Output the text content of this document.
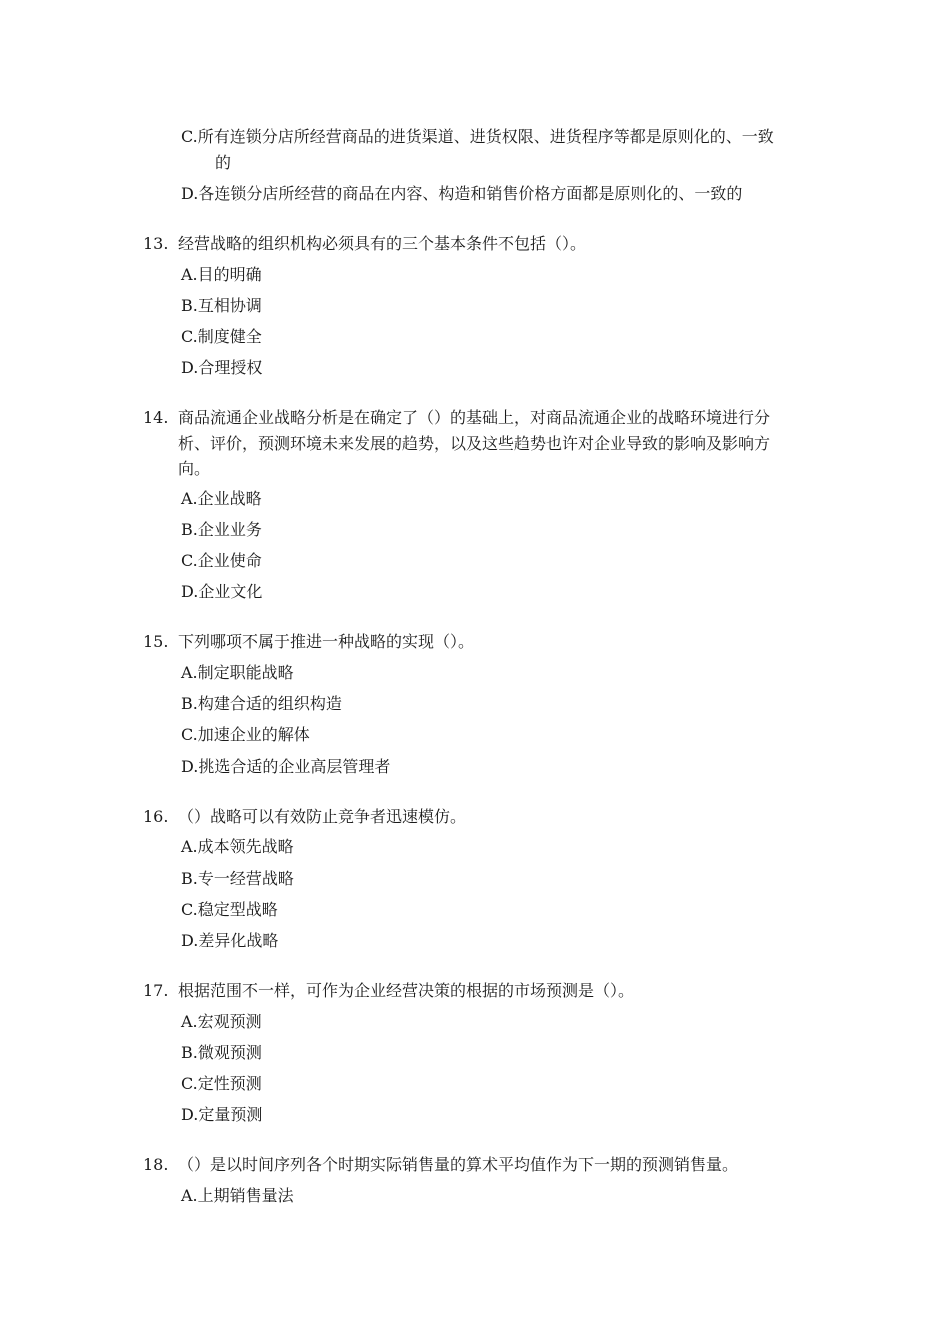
C.所有连锁分店所经营商品的进货渠道、进货权限、进货程序等都是原则化的、一致
的
D.各连锁分店所经营的商品在内容、构造和销售价格方面都是原则化的、一致的
13. 经营战略的组织机构必须具有的三个基本条件不包括（）。
A.目的明确
B.互相协调
C.制度健全
D.合理授权
14. 商品流通企业战略分析是在确定了（）的基础上，对商品流通企业的战略环境进行分
析、评价，预测环境未来发展的趋势，以及这些趋势也许对企业导致的影响及影响方
向。
A.企业战略
B.企业业务
C.企业使命
D.企业文化
15. 下列哪项不属于推进一种战略的实现（）。
A.制定职能战略
B.构建合适的组织构造
C.加速企业的解体
D.挑选合适的企业高层管理者
16. （）战略可以有效防止竞争者迅速模仿。
A.成本领先战略
B.专一经营战略
C.稳定型战略
D.差异化战略
17. 根据范围不一样，可作为企业经营决策的根据的市场预测是（）。
A.宏观预测
B.微观预测
C.定性预测
D.定量预测
18. （）是以时间序列各个时期实际销售量的算术平均值作为下一期的预测销售量。
A.上期销售量法
